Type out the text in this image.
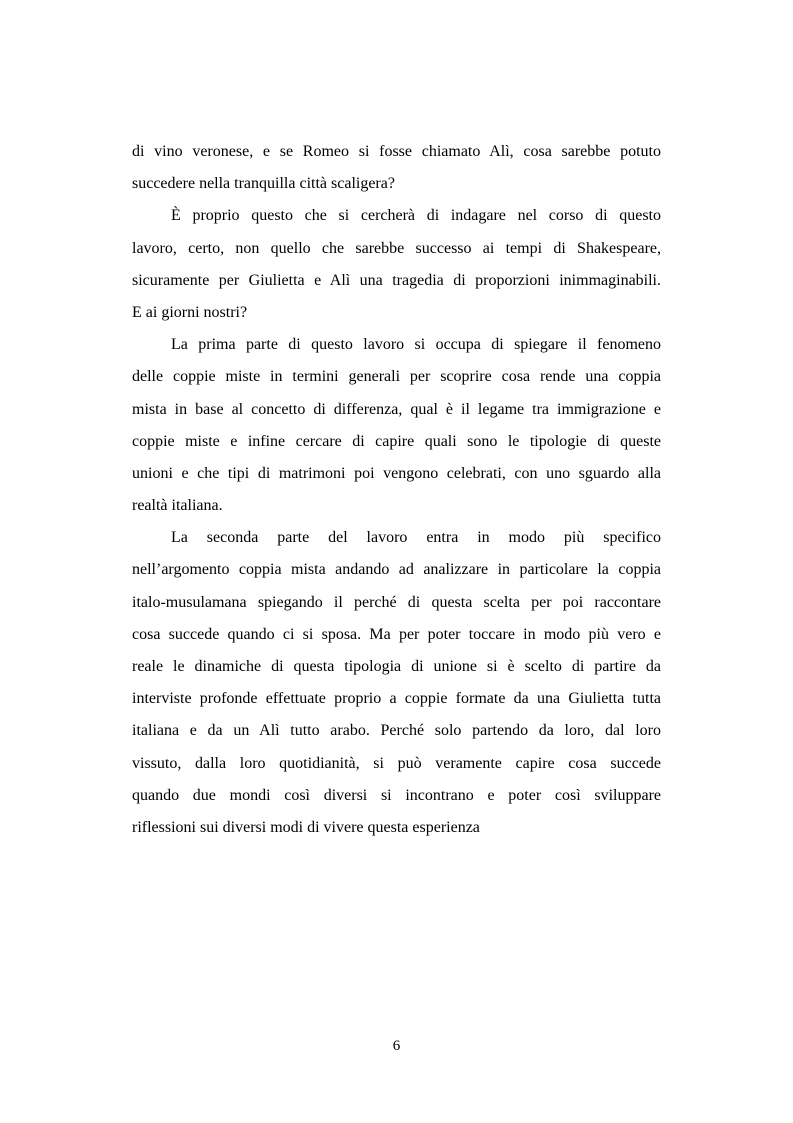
di vino veronese, e se Romeo si fosse chiamato Alì, cosa sarebbe potuto
succedere nella tranquilla città scaligera?
È proprio questo che si cercherà di indagare nel corso di questo
lavoro, certo, non quello che sarebbe successo ai tempi di Shakespeare,
sicuramente per Giulietta e Alì una tragedia di proporzioni inimmaginabili.
E ai giorni nostri?
La prima parte di questo lavoro si occupa di spiegare il fenomeno
delle coppie miste in termini generali per scoprire cosa rende una coppia
mista in base al concetto di differenza, qual è il legame tra immigrazione e
coppie miste e infine cercare di capire quali sono le tipologie di queste
unioni e che tipi di matrimoni poi vengono celebrati, con uno sguardo alla
realtà italiana.
La seconda parte del lavoro entra in modo più specifico
nell’argomento coppia mista andando ad analizzare in particolare la coppia
italo-musulamana spiegando il perché di questa scelta per poi raccontare
cosa succede quando ci si sposa. Ma per poter toccare in modo più vero e
reale le dinamiche di questa tipologia di unione si è scelto di partire da
interviste profonde effettuate proprio a coppie formate da una Giulietta tutta
italiana e da un Alì tutto arabo. Perché solo partendo da loro, dal loro
vissuto, dalla loro quotidianità, si può veramente capire cosa succede
quando due mondi così diversi si incontrano e poter così sviluppare
riflessioni sui diversi modi di vivere questa esperienza
6
